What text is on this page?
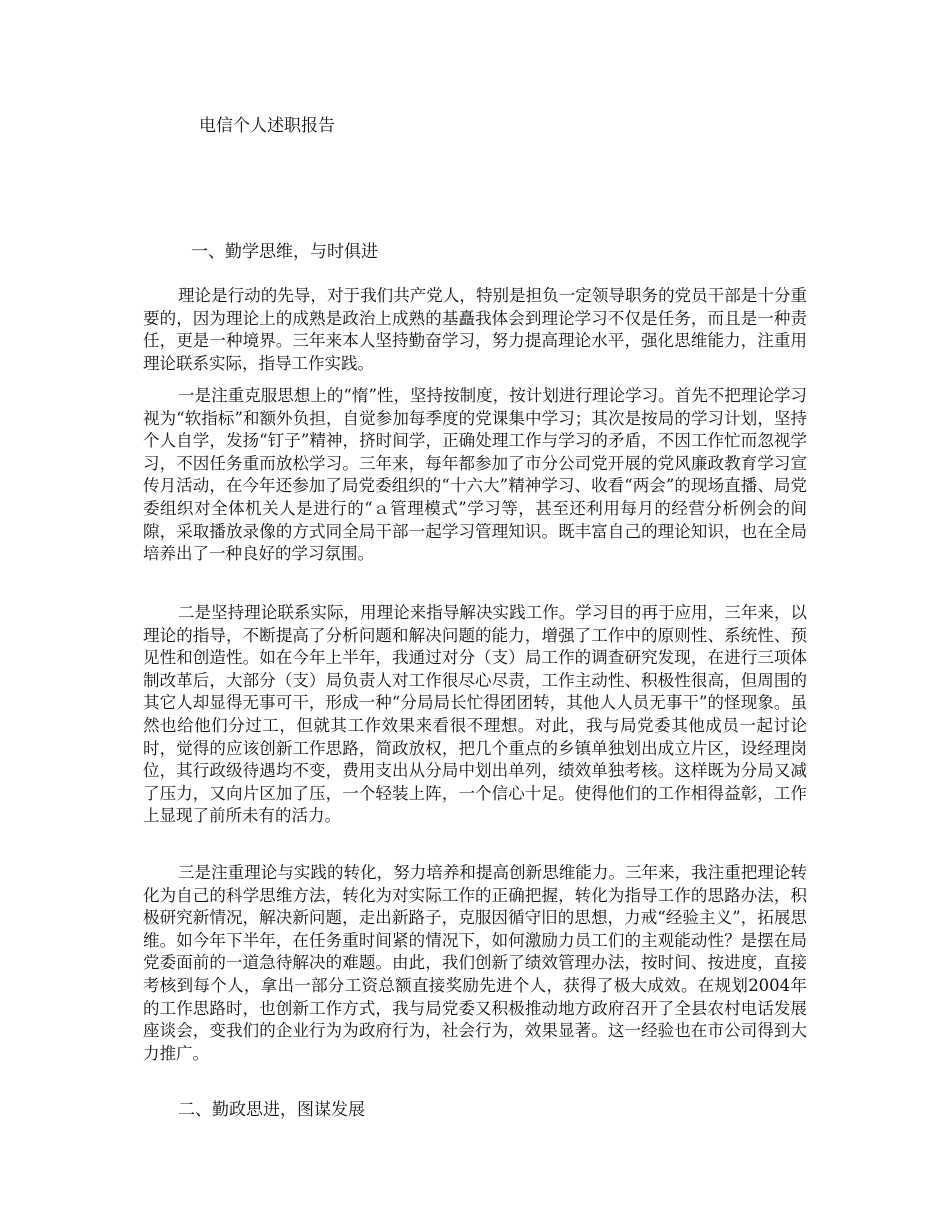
电信个人述职报告
一、勤学思维，与时俱进

理论是行动的先导，对于我们共产党人，特别是担负一定领导职务的党员干部是十分重要的，因为理论上的成熟是政治上成熟的基矗我体会到理论学习不仅是任务，而且是一种责任，更是一种境界。三年来本人坚持勤奋学习，努力提高理论水平，强化思维能力，注重用理论联系实际，指导工作实践。

一是注重克服思想上的“惰”性，坚持按制度，按计划进行理论学习。首先不把理论学习视为“软指标”和额外负担，自觉参加每季度的党课集中学习；其次是按局的学习计划，坚持个人自学，发扬“钉子”精神，挤时间学，正确处理工作与学习的矛盾，不因工作忙而忽视学习，不因任务重而放松学习。三年来，每年都参加了市分公司党开展的党风廉政教育学习宣传月活动，在今年还参加了局党委组织的“十六大”精神学习、收看“两会”的现场直播、局党委组织对全体机关人是进行的“ａ管理模式”学习等，甚至还利用每月的经营分析例会的间隙，采取播放录像的方式同全局干部一起学习管理知识。既丰富自己的理论知识，也在全局培养出了一种良好的学习氛围。

二是坚持理论联系实际，用理论来指导解决实践工作。学习目的再于应用，三年来，以理论的指导，不断提高了分析问题和解决问题的能力，增强了工作中的原则性、系统性、预见性和创造性。如在今年上半年，我通过对分（支）局工作的调查研究发现，在进行三项体制改革后，大部分（支）局负责人对工作很尽心尽责，工作主动性、积极性很高，但周围的其它人却显得无事可干，形成一种“分局局长忙得团团转，其他人人员无事干”的怪现象。虽然也给他们分过工，但就其工作效果来看很不理想。对此，我与局党委其他成员一起讨论时，觉得的应该创新工作思路，简政放权，把几个重点的乡镇单独划出成立片区，设经理岗位，其行政级待遇均不变，费用支出从分局中划出单列，绩效单独考核。这样既为分局又减了压力，又向片区加了压，一个轻装上阵，一个信心十足。使得他们的工作相得益彰，工作上显现了前所未有的活力。

三是注重理论与实践的转化，努力培养和提高创新思维能力。三年来，我注重把理论转化为自己的科学思维方法，转化为对实际工作的正确把握，转化为指导工作的思路办法，积极研究新情况，解决新问题，走出新路子，克服因循守旧的思想，力戒“经验主义”，拓展思维。如今年下半年，在任务重时间紧的情况下，如何激励力员工们的主观能动性？是摆在局党委面前的一道急待解决的难题。由此，我们创新了绩效管理办法，按时间、按进度，直接考核到每个人，拿出一部分工资总额直接奖励先进个人，获得了极大成效。在规划2004年的工作思路时，也创新工作方式，我与局党委又积极推动地方政府召开了全县农村电话发展座谈会，变我们的企业行为为政府行为，社会行为，效果显著。这一经验也在市公司得到大力推广。

二、勤政思进，图谋发展
